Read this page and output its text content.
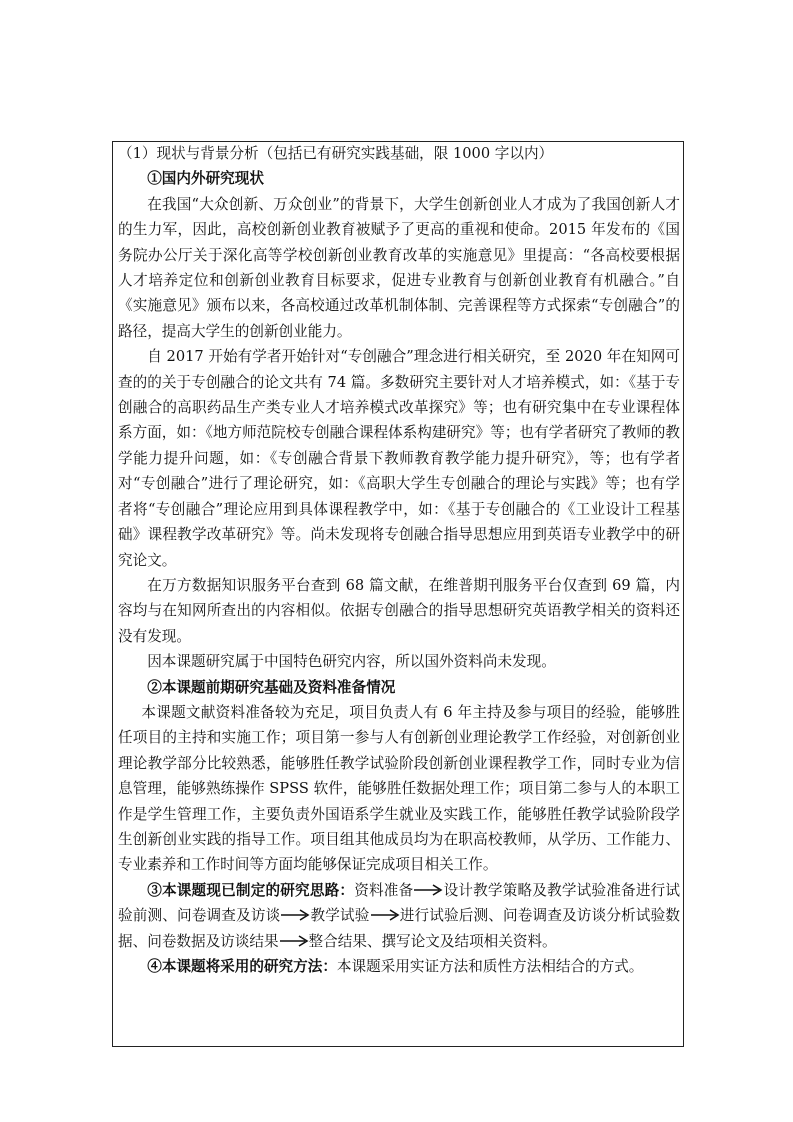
（1）现状与背景分析（包括已有研究实践基础，限 1000 字以内）

①国内外研究现状

在我国“大众创新、万众创业”的背景下，大学生创新创业人才成为了我国创新人才的生力军，因此，高校创新创业教育被赋予了更高的重视和使命。2015 年发布的《国务院办公厅关于深化高等学校创新创业教育改革的实施意见》里提高：“各高校要根据人才培养定位和创新创业教育目标要求，促进专业教育与创新创业教育有机融合。”自《实施意见》颁布以来，各高校通过改革机制体制、完善课程等方式探索“专创融合”的路径，提高大学生的创新创业能力。

自 2017 开始有学者开始针对“专创融合”理念进行相关研究，至 2020 年在知网可查的的关于专创融合的论文共有 74 篇。多数研究主要针对人才培养模式，如：《基于专创融合的高职药品生产类专业人才培养模式改革探究》等；也有研究集中在专业课程体系方面，如：《地方师范院校专创融合课程体系构建研究》等；也有学者研究了教师的教学能力提升问题，如：《专创融合背景下教师教育教学能力提升研究》，等；也有学者对“专创融合”进行了理论研究，如：《高职大学生专创融合的理论与实践》等；也有学者将“专创融合”理论应用到具体课程教学中，如：《基于专创融合的《工业设计工程基础》课程教学改革研究》等。尚未发现将专创融合指导思想应用到英语专业教学中的研究论文。

在万方数据知识服务平台查到 68 篇文献，在维普期刊服务平台仅查到 69 篇，内容均与在知网所查出的内容相似。依据专创融合的指导思想研究英语教学相关的资料还没有发现。

因本课题研究属于中国特色研究内容，所以国外资料尚未发现。

②本课题前期研究基础及资料准备情况

本课题文献资料准备较为充足，项目负责人有 6 年主持及参与项目的经验，能够胜任项目的主持和实施工作；项目第一参与人有创新创业理论教学工作经验，对创新创业理论教学部分比较熟悉，能够胜任教学试验阶段创新创业课程教学工作，同时专业为信息管理，能够熟练操作 SPSS 软件，能够胜任数据处理工作；项目第二参与人的本职工作是学生管理工作，主要负责外国语系学生就业及实践工作，能够胜任教学试验阶段学生创新创业实践的指导工作。项目组其他成员均为在职高校教师，从学历、工作能力、专业素养和工作时间等方面均能够保证完成项目相关工作。

③本课题现已制定的研究思路：资料准备 设计教学策略及教学试验准备进行试验前测、问卷调查及访谈 教学试验 进行试验后测、问卷调查及访谈分析试验数据、问卷数据及访谈结果 整合结果、撰写论文及结项相关资料。

④本课题将采用的研究方法：本课题采用实证方法和质性方法相结合的方式。
